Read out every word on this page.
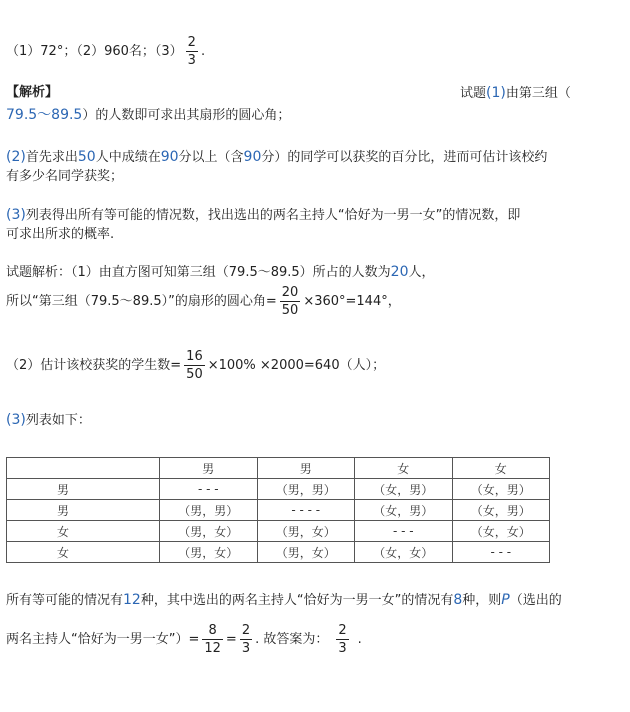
（1）72°；（2）960名；$(3) \frac{2}{3}$ .
【解析】	试题(1)由第三组（
79.5～89.5）的人数即可求出其扇形的圆心角；
(2)首先求出50人中成绩在90分以上（含90分）的同学可以获奖的百分比，进而可估计该校约
有多少名同学获奖；
(3)列表得出所有等可能的情况数，找出选出的两名主持人“恰好为一男一女”的情况数，即
可求出所求的概率.
试题解析：（1）由直方图可知第三组（79.5～89.5）所占的人数为20人，
所以“第三组（79.5～89.5）”的扇形的圆心角= $\frac{20}{50} \times 360^\circ=144^\circ$，
（2）估计该校获奖的学生数= $\frac{16}{50} \times 100\% \times 2000=640$（人）；
(3)列表如下：
	男	男	女	女
男	- - -	（男，男）	（女，男）	（女，男）
男	（男，男）	- - - -	（女，男）	（女，男）
女	（男，女）	（男，女）	- - -	（女，女）
女	（男，女）	（男，女）	（女，女）	- - -
所有等可能的情况有12种，其中选出的两名主持人“恰好为一男一女”的情况有8种，则P（选出的
两名主持人“恰好为一男一女”）= $\frac{8}{12} = \frac{2}{3}$ . 故答案为： $\frac{2}{3}$ .
